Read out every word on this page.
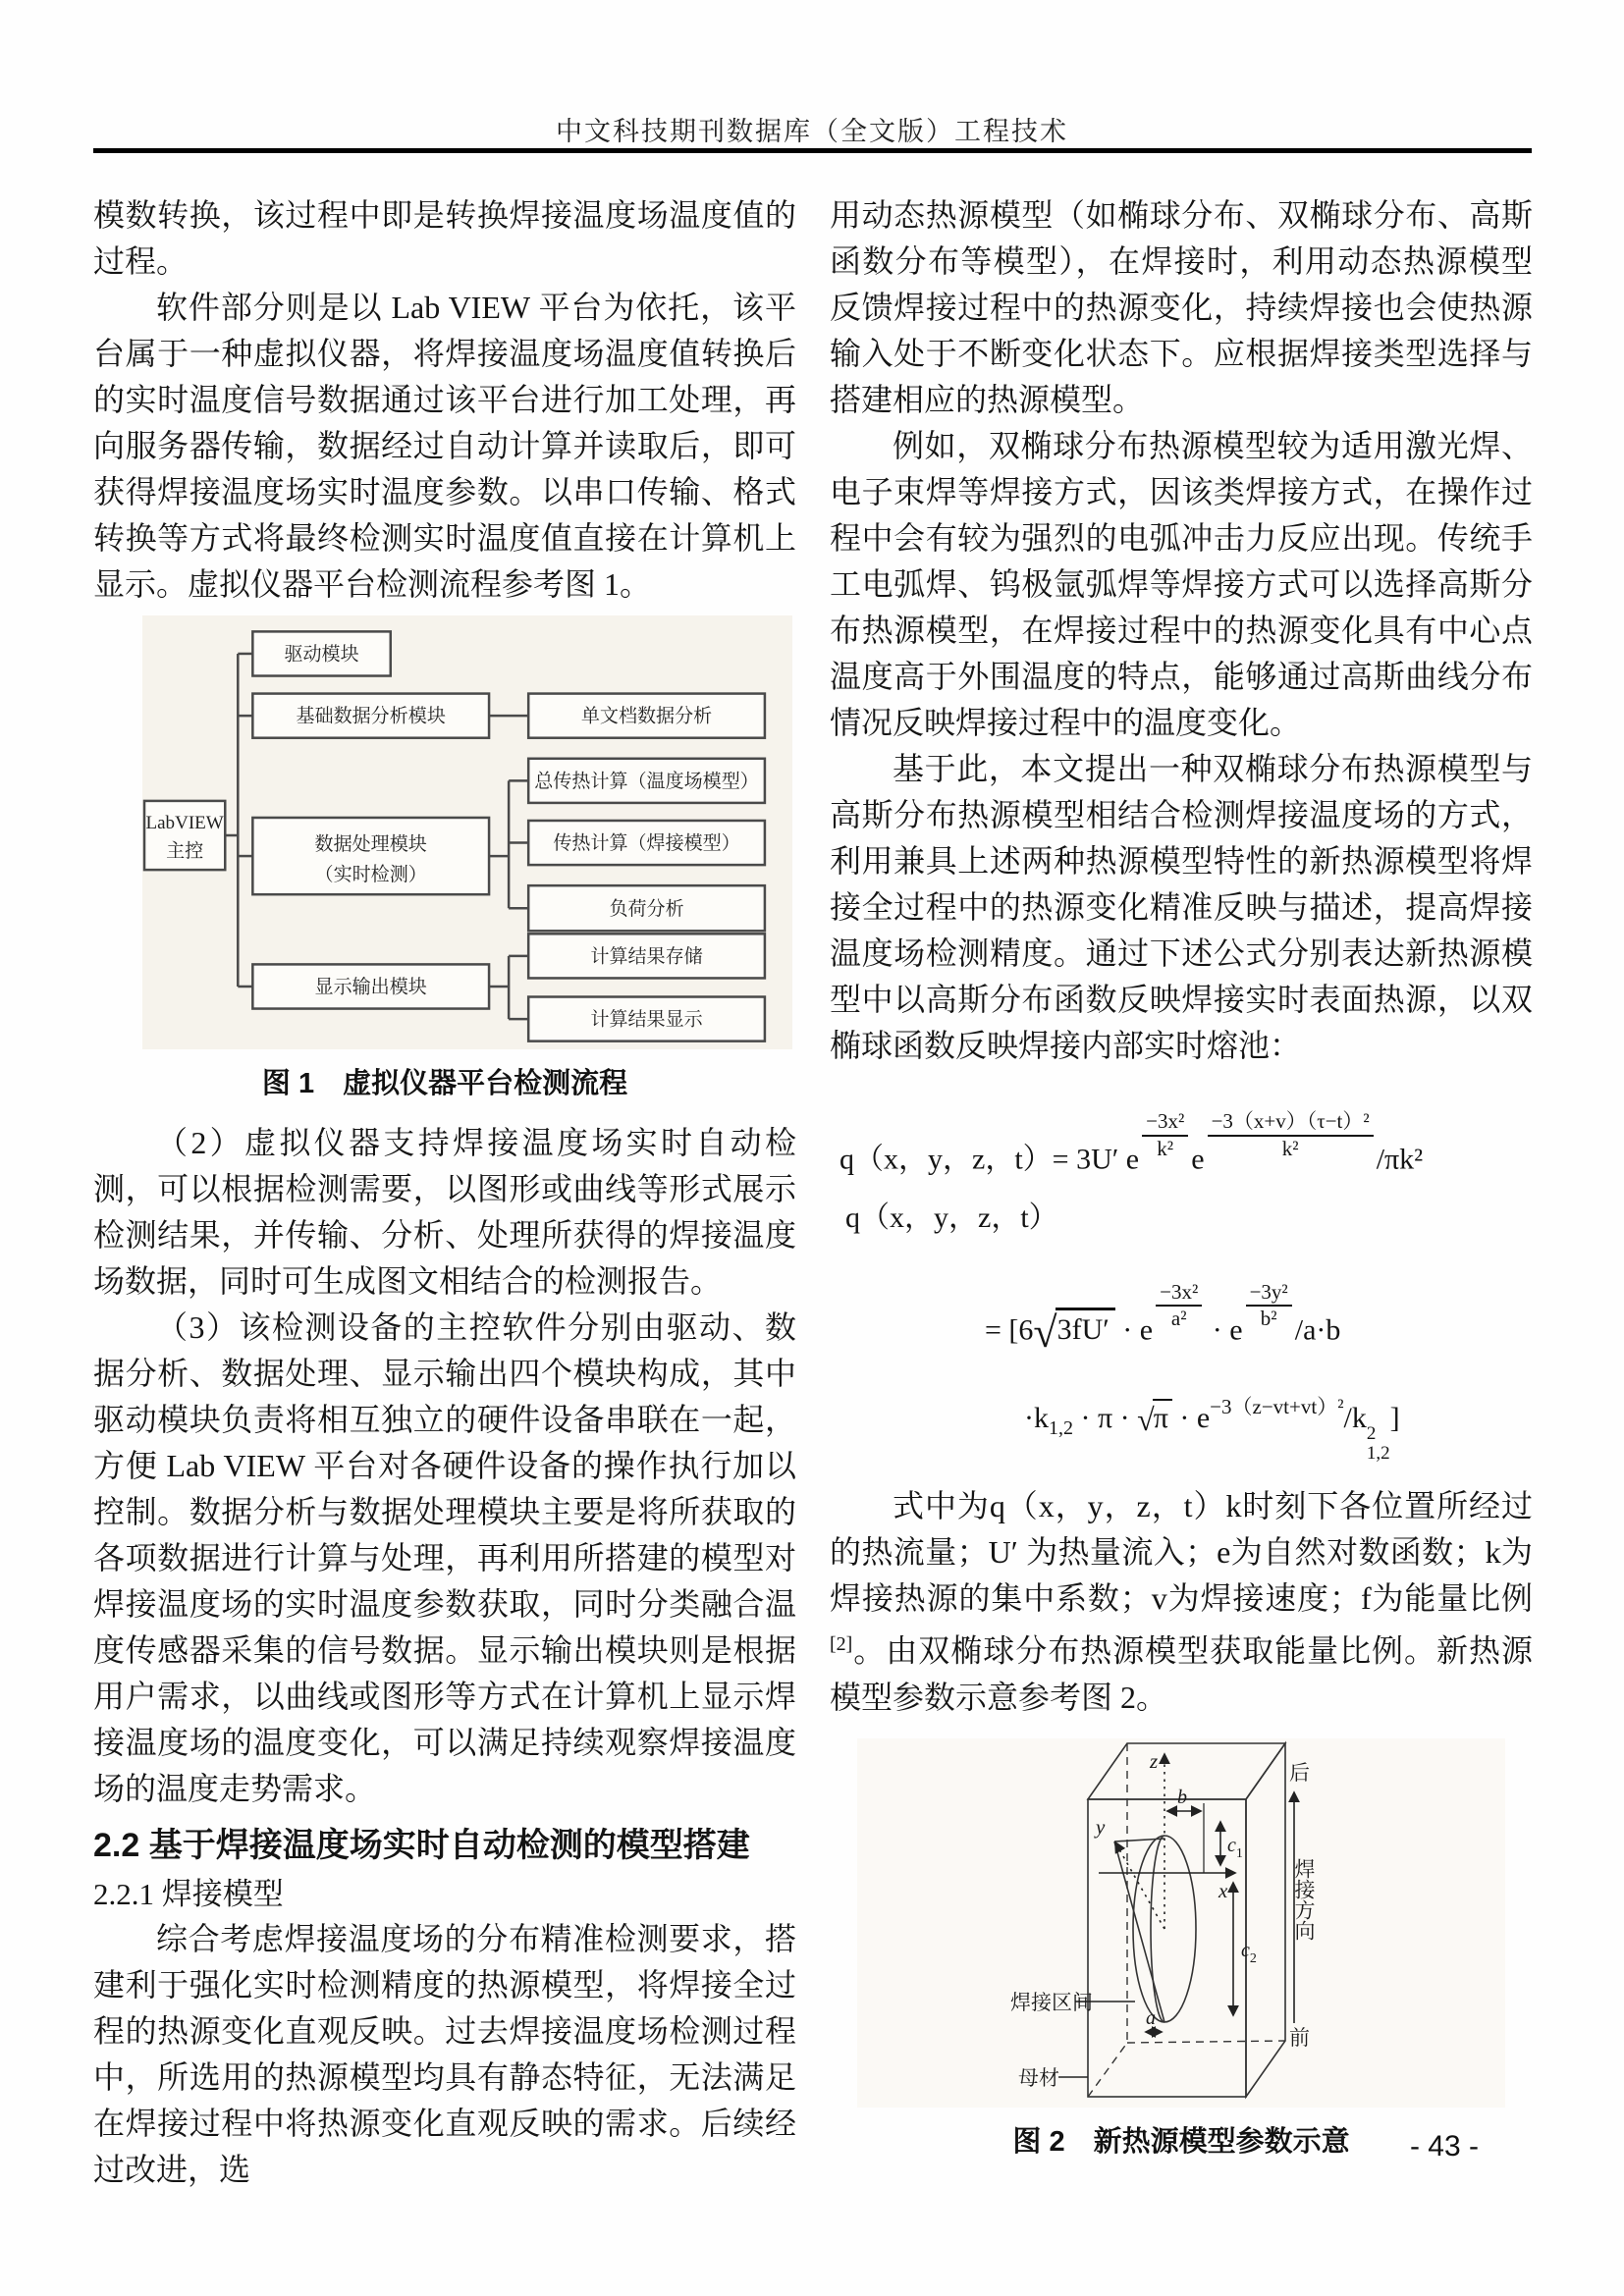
中文科技期刊数据库（全文版）工程技术

模数转换，该过程中即是转换焊接温度场温度值的过程。

软件部分则是以 Lab VIEW 平台为依托，该平台属于一种虚拟仪器，将焊接温度场温度值转换后的实时温度信号数据通过该平台进行加工处理，再向服务器传输，数据经过自动计算并读取后，即可获得焊接温度场实时温度参数。以串口传输、格式转换等方式将最终检测实时温度值直接在计算机上显示。虚拟仪器平台检测流程参考图 1。

LabVIEW
主控
驱动模块
基础数据分析模块	单文档数据分析
数据处理模块
（实时检测）
总传热计算（温度场模型）
传热计算（焊接模型）
负荷分析
显示输出模块
计算结果存储
计算结果显示
图 1　虚拟仪器平台检测流程

（2）虚拟仪器支持焊接温度场实时自动检测，可以根据检测需要，以图形或曲线等形式展示检测结果，并传输、分析、处理所获得的焊接温度场数据，同时可生成图文相结合的检测报告。

（3）该检测设备的主控软件分别由驱动、数据分析、数据处理、显示输出四个模块构成，其中驱动模块负责将相互独立的硬件设备串联在一起，方便 Lab VIEW 平台对各硬件设备的操作执行加以控制。数据分析与数据处理模块主要是将所获取的各项数据进行计算与处理，再利用所搭建的模型对焊接温度场的实时温度参数获取，同时分类融合温度传感器采集的信号数据。显示输出模块则是根据用户需求，以曲线或图形等方式在计算机上显示焊接温度场的温度变化，可以满足持续观察焊接温度场的温度走势需求。

2.2 基于焊接温度场实时自动检测的模型搭建
2.2.1 焊接模型

综合考虑焊接温度场的分布精准检测要求，搭建利于强化实时检测精度的热源模型，将焊接全过程的热源变化直观反映。过去焊接温度场检测过程中，所选用的热源模型均具有静态特征，无法满足在焊接过程中将热源变化直观反映的需求。后续经过改进，选

用动态热源模型（如椭球分布、双椭球分布、高斯函数分布等模型），在焊接时，利用动态热源模型反馈焊接过程中的热源变化，持续焊接也会使热源输入处于不断变化状态下。应根据焊接类型选择与搭建相应的热源模型。

例如，双椭球分布热源模型较为适用激光焊、电子束焊等焊接方式，因该类焊接方式，在操作过程中会有较为强烈的电弧冲击力反应出现。传统手工电弧焊、钨极氩弧焊等焊接方式可以选择高斯分布热源模型，在焊接过程中的热源变化具有中心点温度高于外围温度的特点，能够通过高斯曲线分布情况反映焊接过程中的温度变化。

基于此，本文提出一种双椭球分布热源模型与高斯分布热源模型相结合检测焊接温度场的方式，利用兼具上述两种热源模型特性的新热源模型将焊接全过程中的热源变化精准反映与描述，提高焊接温度场检测精度。通过下述公式分别表达新热源模型中以高斯分布函数反映焊接实时表面热源，以双椭球函数反映焊接内部实时熔池：

q（x，y，z，t）= 3U′ e $\frac{\text{−3x²}}{\text{k²}}$ e $\frac{\text{−3（x+v）（τ−t）²}}{\text{k²}} /\pi k^2$
q（x，y，z，t）
= [6√3fU′ · e $\frac{\text{−3x²}}{\text{a²}} \cdot e \frac{\text{−3y²}}{\text{b²}} /a\cdot b$
$\cdot k_{1,2} \cdot \pi \cdot √\pi \cdot e^{-3(z-vt+vt)^2}/k$ 2
1,2
]

式中为q（x，y，z，t）k时刻下各位置所经过的热流量；U′ 为热量流入；e为自然对数函数；k为焊接热源的集中系数；v为焊接速度；f为能量比例[2]。由双椭球分布热源模型获取能量比例。新热源模型参数示意参考图 2。

z
y
x
b
c1
c2
a
焊接区间
母材
后
焊接方向
前
图 2　新热源模型参数示意	- 43 -
